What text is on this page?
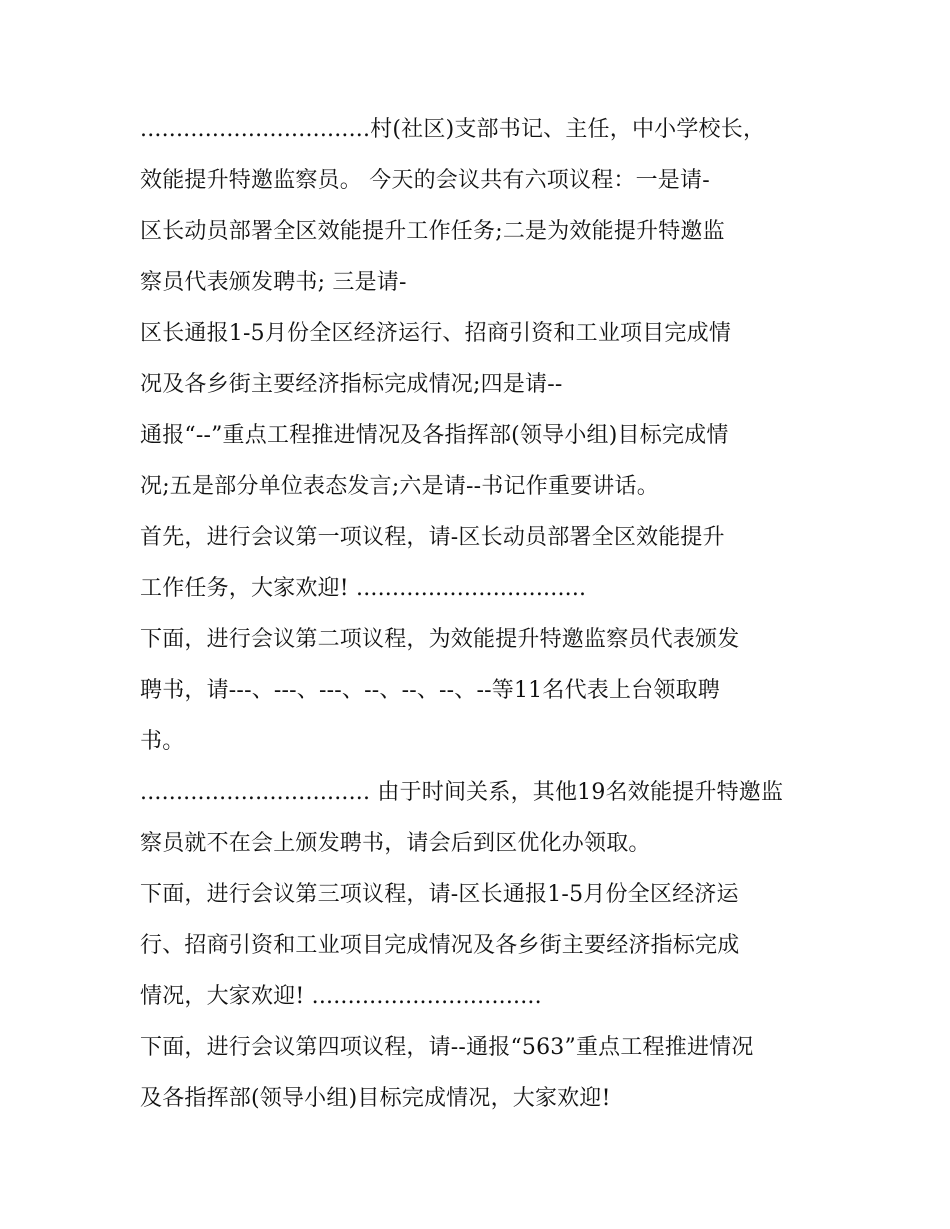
................................村(社区)支部书记、主任，中小学校长，
效能提升特邀监察员。 今天的会议共有六项议程：一是请-
区长动员部署全区效能提升工作任务;二是为效能提升特邀监
察员代表颁发聘书; 三是请-
区长通报1-5月份全区经济运行、招商引资和工业项目完成情
况及各乡街主要经济指标完成情况;四是请--
通报“--”重点工程推进情况及各指挥部(领导小组)目标完成情
况;五是部分单位表态发言;六是请--书记作重要讲话。
首先，进行会议第一项议程，请-区长动员部署全区效能提升
工作任务，大家欢迎! ................................
下面，进行会议第二项议程，为效能提升特邀监察员代表颁发
聘书，请---、---、---、--、--、--、--等11名代表上台领取聘
书。
................................ 由于时间关系，其他19名效能提升特邀监
察员就不在会上颁发聘书，请会后到区优化办领取。
下面，进行会议第三项议程，请-区长通报1-5月份全区经济运
行、招商引资和工业项目完成情况及各乡街主要经济指标完成
情况，大家欢迎! ................................
下面，进行会议第四项议程，请--通报“563”重点工程推进情况
及各指挥部(领导小组)目标完成情况，大家欢迎!
